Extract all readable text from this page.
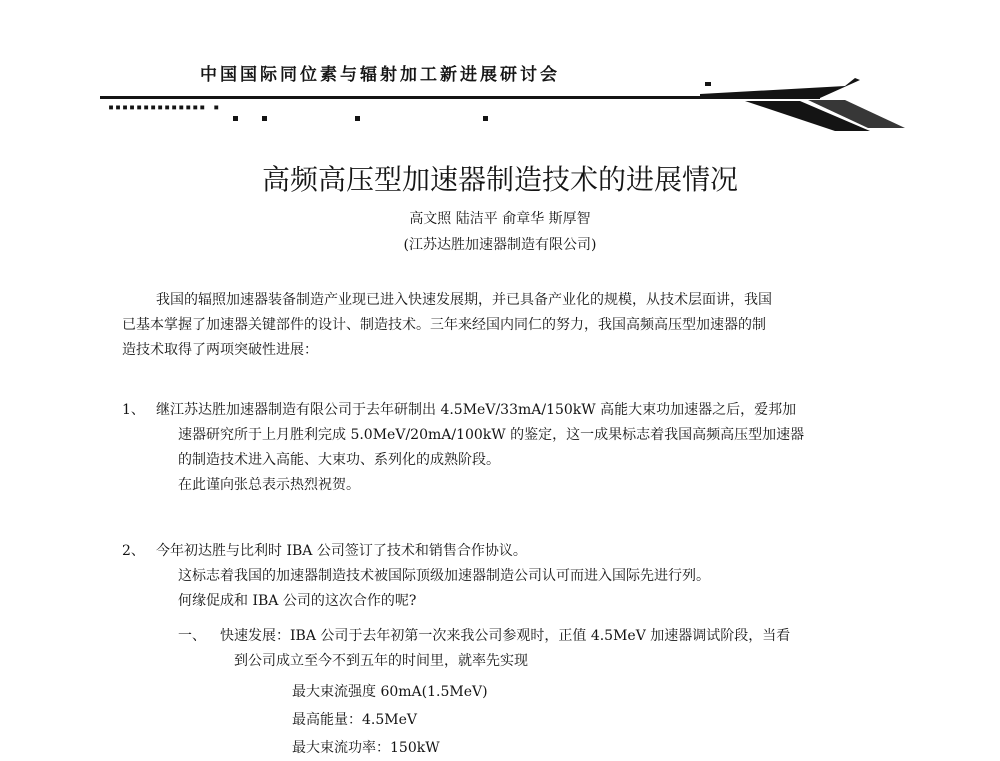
中国国际同位素与辐射加工新进展研讨会
▪▪▪▪▪▪▪▪▪▪▪▪▪▪ ▪
高频高压型加速器制造技术的进展情况
高文照 陆洁平 俞章华 斯厚智
(江苏达胜加速器制造有限公司)
我国的辐照加速器装备制造产业现已进入快速发展期，并已具备产业化的规模，从技术层面讲，我国
已基本掌握了加速器关键部件的设计、制造技术。三年来经国内同仁的努力，我国高频高压型加速器的制
造技术取得了两项突破性进展：
1、 继江苏达胜加速器制造有限公司于去年研制出 4.5MeV/33mA/150kW 高能大束功加速器之后，爱邦加
速器研究所于上月胜利完成 5.0MeV/20mA/100kW 的鉴定，这一成果标志着我国高频高压型加速器
的制造技术进入高能、大束功、系列化的成熟阶段。
在此谨向张总表示热烈祝贺。
2、 今年初达胜与比利时 IBA 公司签订了技术和销售合作协议。
这标志着我国的加速器制造技术被国际顶级加速器制造公司认可而进入国际先进行列。
何缘促成和 IBA 公司的这次合作的呢?
一、 快速发展：IBA 公司于去年初第一次来我公司参观时，正值 4.5MeV 加速器调试阶段，当看
到公司成立至今不到五年的时间里，就率先实现
最大束流强度 60mA(1.5MeV)
最高能量：4.5MeV
最大束流功率：150kW
